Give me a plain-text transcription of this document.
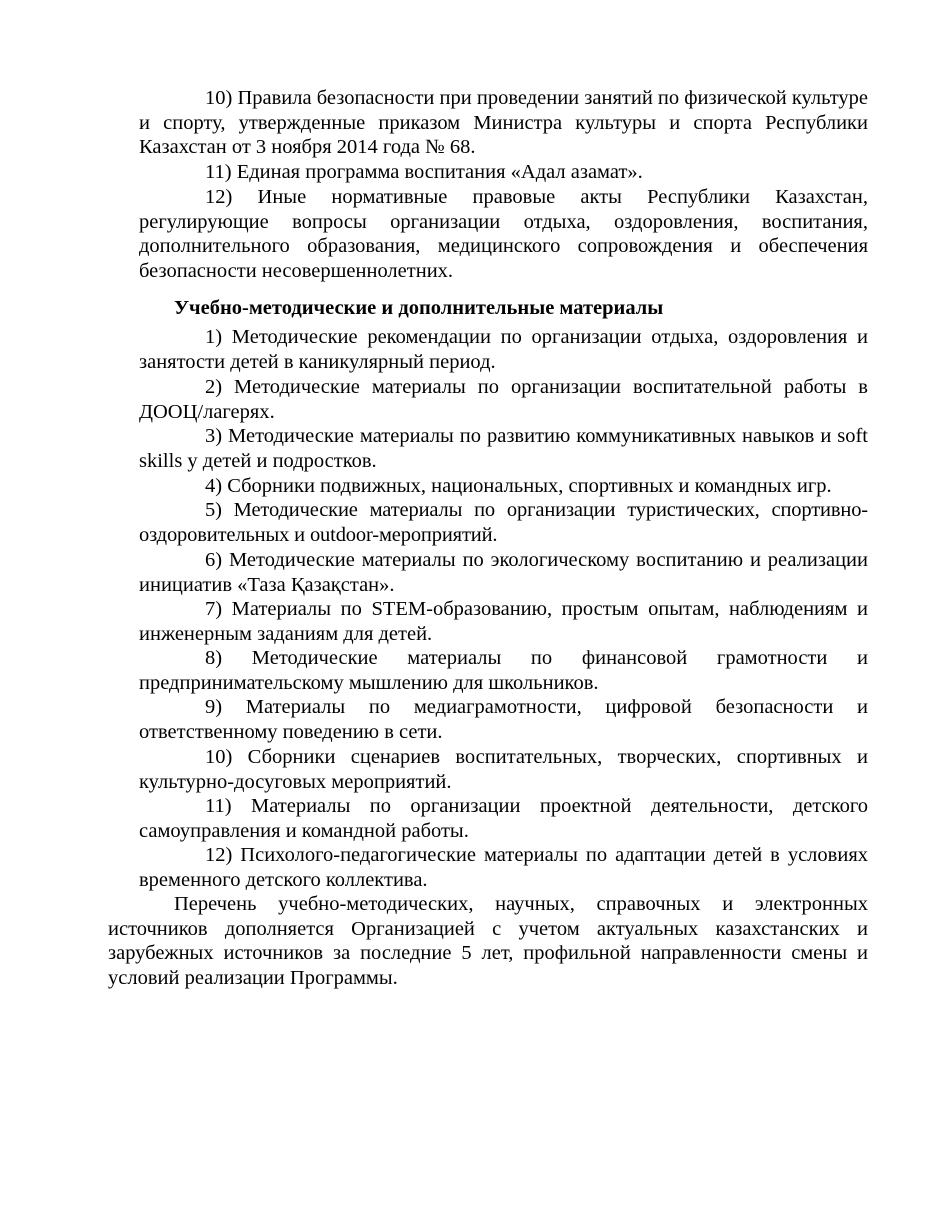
10) Правила безопасности при проведении занятий по физической культуре и спорту, утвержденные приказом Министра культуры и спорта Республики Казахстан от 3 ноября 2014 года № 68.

11) Единая программа воспитания «Адал азамат».

12) Иные нормативные правовые акты Республики Казахстан, регулирующие вопросы организации отдыха, оздоровления, воспитания, дополнительного образования, медицинского сопровождения и обеспечения безопасности несовершеннолетних.

Учебно-методические и дополнительные материалы

1) Методические рекомендации по организации отдыха, оздоровления и занятости детей в каникулярный период.

2) Методические материалы по организации воспитательной работы в ДООЦ/лагерях.

3) Методические материалы по развитию коммуникативных навыков и soft skills у детей и подростков.

4) Сборники подвижных, национальных, спортивных и командных игр.

5) Методические материалы по организации туристических, спортивно-оздоровительных и outdoor-мероприятий.

6) Методические материалы по экологическому воспитанию и реализации инициатив «Таза Қазақстан».

7) Материалы по STEM-образованию, простым опытам, наблюдениям и инженерным заданиям для детей.

8) Методические материалы по финансовой грамотности и предпринимательскому мышлению для школьников.

9) Материалы по медиаграмотности, цифровой безопасности и ответственному поведению в сети.

10) Сборники сценариев воспитательных, творческих, спортивных и культурно-досуговых мероприятий.

11) Материалы по организации проектной деятельности, детского самоуправления и командной работы.

12) Психолого-педагогические материалы по адаптации детей в условиях временного детского коллектива.

Перечень учебно-методических, научных, справочных и электронных источников дополняется Организацией с учетом актуальных казахстанских и зарубежных источников за последние 5 лет, профильной направленности смены и условий реализации Программы.
